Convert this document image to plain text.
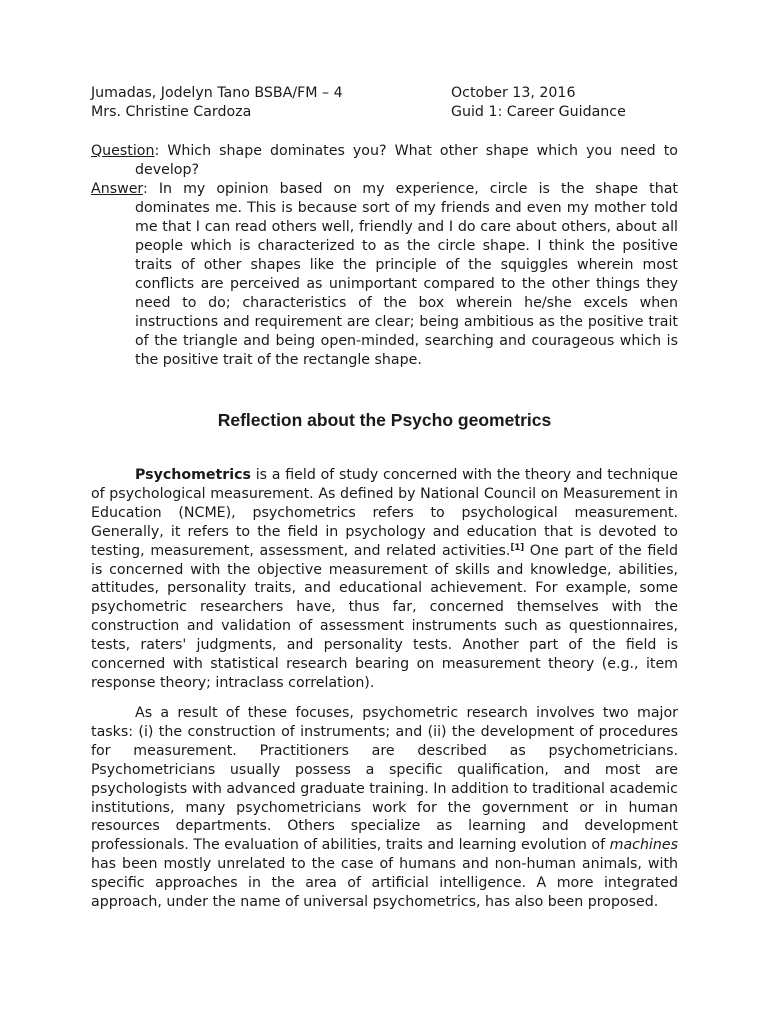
Jumadas, Jodelyn Tano BSBA/FM – 4	October 13, 2016
Mrs. Christine Cardoza	Guid 1: Career Guidance

Question: Which shape dominates you? What other shape which you need to develop?

Answer: In my opinion based on my experience, circle is the shape that dominates me. This is because sort of my friends and even my mother told me that I can read others well, friendly and I do care about others, about all people which is characterized to as the circle shape. I think the positive traits of other shapes like the principle of the squiggles wherein most conflicts are perceived as unimportant compared to the other things they need to do; characteristics of the box wherein he/she excels when instructions and requirement are clear; being ambitious as the positive trait of the triangle and being open-minded, searching and courageous which is the positive trait of the rectangle shape.

Reflection about the Psycho geometrics

Psychometrics is a field of study concerned with the theory and technique of psychological measurement. As defined by National Council on Measurement in Education (NCME), psychometrics refers to psychological measurement. Generally, it refers to the field in psychology and education that is devoted to testing, measurement, assessment, and related activities.[1] One part of the field is concerned with the objective measurement of skills and knowledge, abilities, attitudes, personality traits, and educational achievement. For example, some psychometric researchers have, thus far, concerned themselves with the construction and validation of assessment instruments such as questionnaires, tests, raters' judgments, and personality tests. Another part of the field is concerned with statistical research bearing on measurement theory (e.g., item response theory; intraclass correlation).

As a result of these focuses, psychometric research involves two major tasks: (i) the construction of instruments; and (ii) the development of procedures for measurement. Practitioners are described as psychometricians. Psychometricians usually possess a specific qualification, and most are psychologists with advanced graduate training. In addition to traditional academic institutions, many psychometricians work for the government or in human resources departments. Others specialize as learning and development professionals. The evaluation of abilities, traits and learning evolution of machines has been mostly unrelated to the case of humans and non-human animals, with specific approaches in the area of artificial intelligence. A more integrated approach, under the name of universal psychometrics, has also been proposed.
